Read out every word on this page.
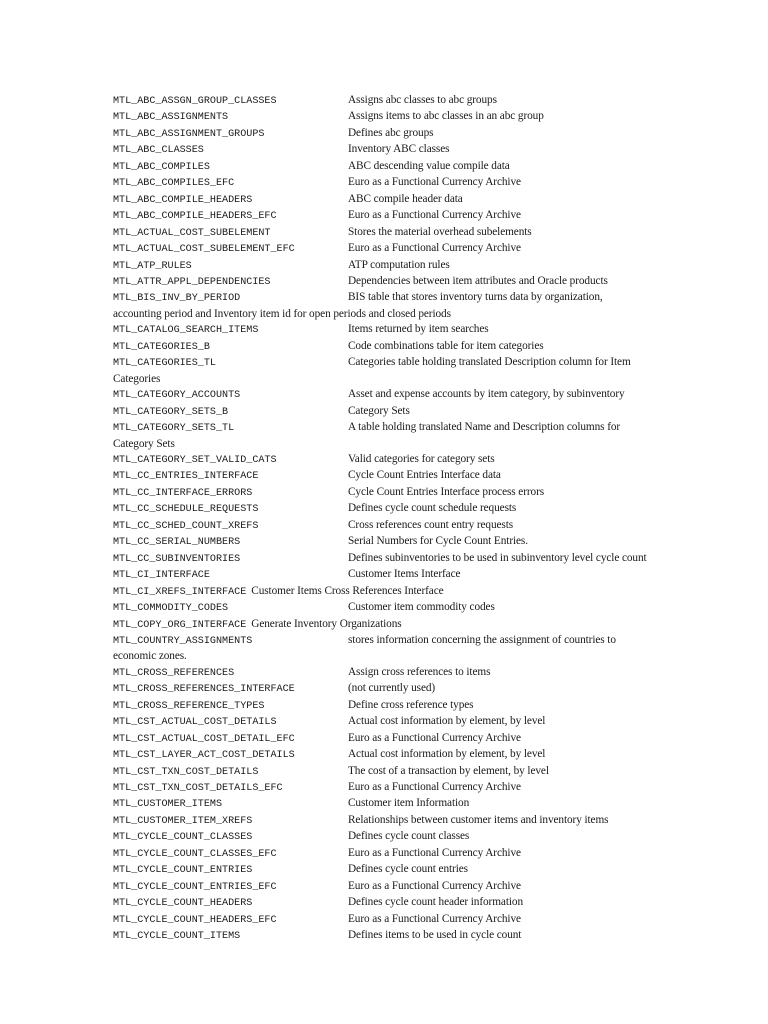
MTL_ABC_ASSGN_GROUP_CLASSES	Assigns abc classes to abc groups
MTL_ABC_ASSIGNMENTS	Assigns items to abc classes in an abc group
MTL_ABC_ASSIGNMENT_GROUPS	Defines abc groups
MTL_ABC_CLASSES	Inventory ABC classes
MTL_ABC_COMPILES	ABC descending value compile data
MTL_ABC_COMPILES_EFC	Euro as a Functional Currency Archive
MTL_ABC_COMPILE_HEADERS	ABC compile header data
MTL_ABC_COMPILE_HEADERS_EFC	Euro as a Functional Currency Archive
MTL_ACTUAL_COST_SUBELEMENT	Stores the material overhead subelements
MTL_ACTUAL_COST_SUBELEMENT_EFC	Euro as a Functional Currency Archive
MTL_ATP_RULES	ATP computation rules
MTL_ATTR_APPL_DEPENDENCIES	Dependencies between item attributes and Oracle products
MTL_BIS_INV_BY_PERIOD	BIS table that stores inventory turns data by organization, accounting period and Inventory item id for open periods and closed periods
MTL_CATALOG_SEARCH_ITEMS	Items returned by item searches
MTL_CATEGORIES_B	Code combinations table for item categories
MTL_CATEGORIES_TL	Categories table holding translated Description column for Item Categories
MTL_CATEGORY_ACCOUNTS	Asset and expense accounts by item category, by subinventory
MTL_CATEGORY_SETS_B	Category Sets
MTL_CATEGORY_SETS_TL	A table holding translated Name and Description columns for Category Sets
MTL_CATEGORY_SET_VALID_CATS	Valid categories for category sets
MTL_CC_ENTRIES_INTERFACE	Cycle Count Entries Interface data
MTL_CC_INTERFACE_ERRORS	Cycle Count Entries Interface process errors
MTL_CC_SCHEDULE_REQUESTS	Defines cycle count schedule requests
MTL_CC_SCHED_COUNT_XREFS	Cross references count entry requests
MTL_CC_SERIAL_NUMBERS	Serial Numbers for Cycle Count Entries.
MTL_CC_SUBINVENTORIES	Defines subinventories to be used in subinventory level cycle count
MTL_CI_INTERFACE	Customer Items Interface
MTL_CI_XREFS_INTERFACE Customer Items Cross References Interface
MTL_COMMODITY_CODES	Customer item commodity codes
MTL_COPY_ORG_INTERFACE Generate Inventory Organizations
MTL_COUNTRY_ASSIGNMENTS	stores information concerning the assignment of countries to economic zones.
MTL_CROSS_REFERENCES	Assign cross references to items
MTL_CROSS_REFERENCES_INTERFACE	(not currently used)
MTL_CROSS_REFERENCE_TYPES	Define cross reference types
MTL_CST_ACTUAL_COST_DETAILS	Actual cost information by element, by level
MTL_CST_ACTUAL_COST_DETAIL_EFC	Euro as a Functional Currency Archive
MTL_CST_LAYER_ACT_COST_DETAILS	Actual cost information by element, by level
MTL_CST_TXN_COST_DETAILS	The cost of a transaction by element, by level
MTL_CST_TXN_COST_DETAILS_EFC	Euro as a Functional Currency Archive
MTL_CUSTOMER_ITEMS	Customer item Information
MTL_CUSTOMER_ITEM_XREFS	Relationships between customer items and inventory items
MTL_CYCLE_COUNT_CLASSES	Defines cycle count classes
MTL_CYCLE_COUNT_CLASSES_EFC	Euro as a Functional Currency Archive
MTL_CYCLE_COUNT_ENTRIES	Defines cycle count entries
MTL_CYCLE_COUNT_ENTRIES_EFC	Euro as a Functional Currency Archive
MTL_CYCLE_COUNT_HEADERS	Defines cycle count header information
MTL_CYCLE_COUNT_HEADERS_EFC	Euro as a Functional Currency Archive
MTL_CYCLE_COUNT_ITEMS	Defines items to be used in cycle count
